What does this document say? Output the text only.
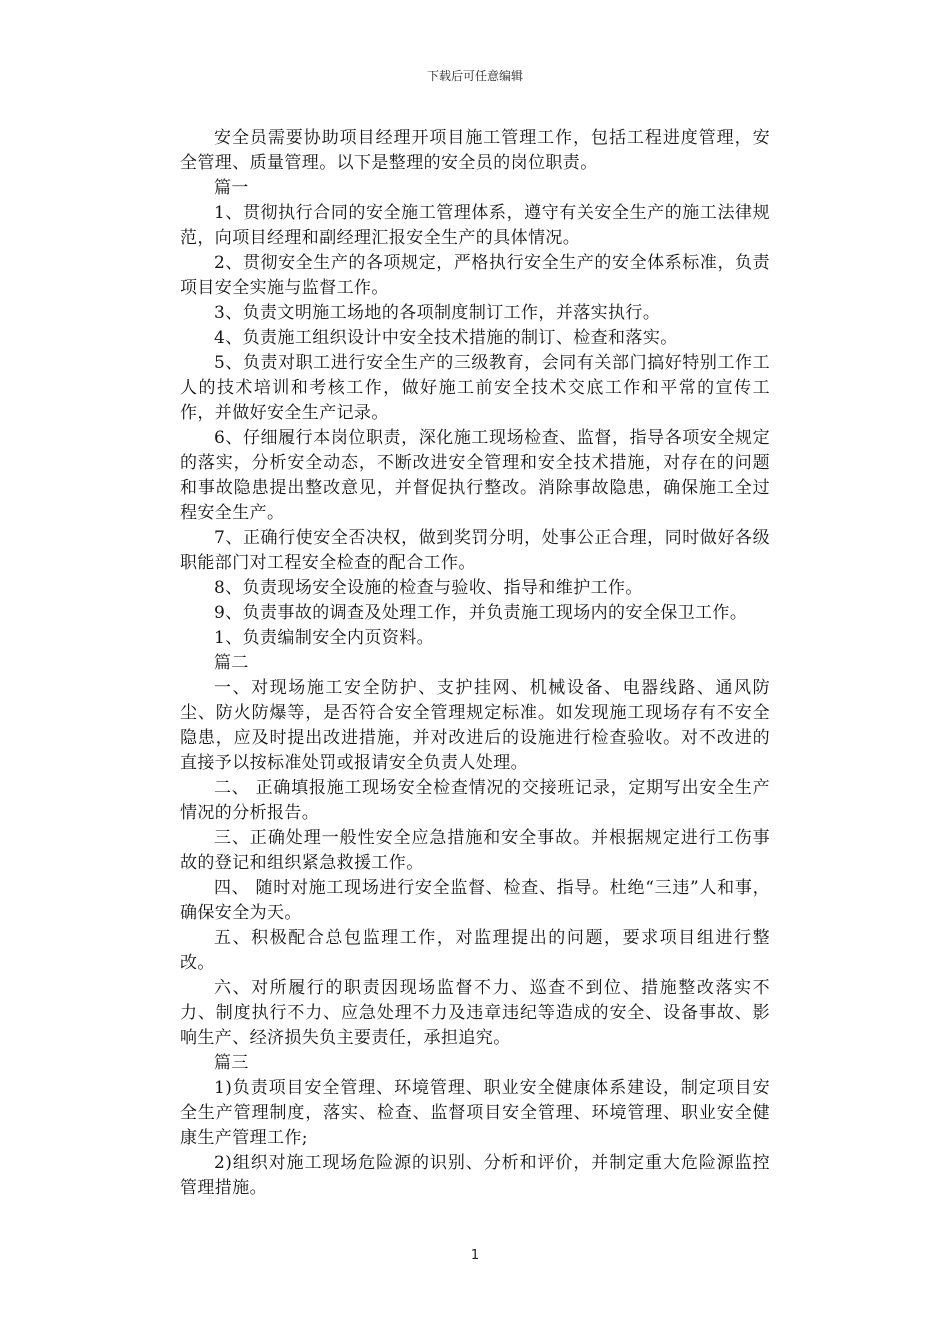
下载后可任意编辑

安全员需要协助项目经理开项目施工管理工作，包括工程进度管理，安全管理、质量管理。以下是整理的安全员的岗位职责。

篇一

1、贯彻执行合同的安全施工管理体系，遵守有关安全生产的施工法律规范，向项目经理和副经理汇报安全生产的具体情况。

2、贯彻安全生产的各项规定，严格执行安全生产的安全体系标准，负责项目安全实施与监督工作。

3、负责文明施工场地的各项制度制订工作，并落实执行。

4、负责施工组织设计中安全技术措施的制订、检查和落实。

5、负责对职工进行安全生产的三级教育，会同有关部门搞好特别工作工人的技术培训和考核工作，做好施工前安全技术交底工作和平常的宣传工作，并做好安全生产记录。

6、仔细履行本岗位职责，深化施工现场检查、监督，指导各项安全规定的落实，分析安全动态，不断改进安全管理和安全技术措施，对存在的问题和事故隐患提出整改意见，并督促执行整改。消除事故隐患，确保施工全过程安全生产。

7、正确行使安全否决权，做到奖罚分明，处事公正合理，同时做好各级职能部门对工程安全检查的配合工作。

8、负责现场安全设施的检查与验收、指导和维护工作。

9、负责事故的调查及处理工作，并负责施工现场内的安全保卫工作。

1、负责编制安全内页资料。

篇二

一、对现场施工安全防护、支护挂网、机械设备、电器线路、通风防尘、防火防爆等，是否符合安全管理规定标准。如发现施工现场存有不安全隐患，应及时提出改进措施，并对改进后的设施进行检查验收。对不改进的直接予以按标准处罚或报请安全负责人处理。

二、 正确填报施工现场安全检查情况的交接班记录，定期写出安全生产情况的分析报告。

三、正确处理一般性安全应急措施和安全事故。并根据规定进行工伤事故的登记和组织紧急救援工作。

四、 随时对施工现场进行安全监督、检查、指导。杜绝“三违”人和事，确保安全为天。

五、积极配合总包监理工作，对监理提出的问题，要求项目组进行整改。

六、对所履行的职责因现场监督不力、巡查不到位、措施整改落实不力、制度执行不力、应急处理不力及违章违纪等造成的安全、设备事故、影响生产、经济损失负主要责任，承担追究。

篇三

1)负责项目安全管理、环境管理、职业安全健康体系建设，制定项目安全生产管理制度，落实、检查、监督项目安全管理、环境管理、职业安全健康生产管理工作;

2)组织对施工现场危险源的识别、分析和评价，并制定重大危险源监控管理措施。

1
